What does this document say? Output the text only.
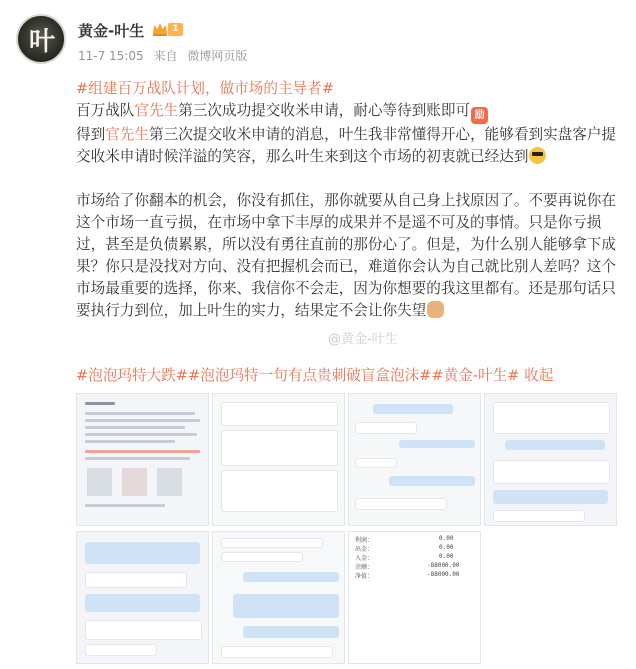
叶	黄金-叶生	1
11-7 15:05 来自 微博网页版

#组建百万战队计划，做市场的主导者#

百万战队官先生第三次成功提交收米申请，耐心等待到账即可 励

得到官先生第三次提交收米申请的消息，叶生我非常懂得开心，能够看到实盘客户提交收米申请时候洋溢的笑容，那么叶生来到这个市场的初衷就已经达到

市场给了你翻本的机会，你没有抓住，那你就要从自己身上找原因了。不要再说你在这个市场一直亏损，在市场中拿下丰厚的成果并不是遥不可及的事情。只是你亏损过，甚至是负债累累，所以没有勇往直前的那份心了。但是，为什么别人能够拿下成果？你只是没找对方向、没有把握机会而已，难道你会认为自己就比别人差吗？这个市场最重要的选择，你来、我信你不会走，因为你想要的我这里都有。还是那句话只要执行力到位，加上叶生的实力，结果定不会让你失望

@黄金-叶生
#泡泡玛特大跌##泡泡玛特一句有点贵刺破盲盒泡沫##黄金-叶生# 收起
利润：	0.00
出金：	0.00
入金：	0.00
余额：	-88000.00
净值：	-88000.00
